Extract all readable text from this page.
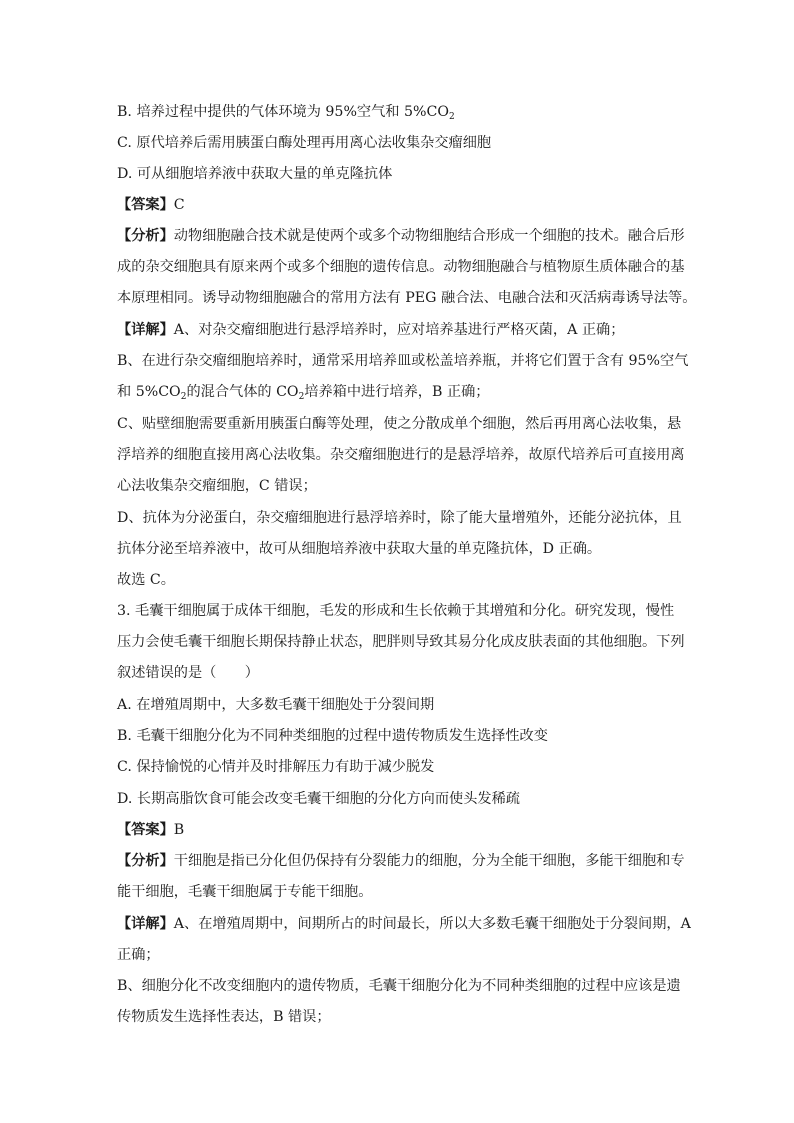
B. 培养过程中提供的气体环境为 95%空气和 $5\%CO_2$
C. 原代培养后需用胰蛋白酶处理再用离心法收集杂交瘤细胞
D. 可从细胞培养液中获取大量的单克隆抗体
【答案】C
【分析】动物细胞融合技术就是使两个或多个动物细胞结合形成一个细胞的技术。融合后形
成的杂交细胞具有原来两个或多个细胞的遗传信息。动物细胞融合与植物原生质体融合的基
本原理相同。诱导动物细胞融合的常用方法有 PEG 融合法、电融合法和灭活病毒诱导法等。
【详解】A、对杂交瘤细胞进行悬浮培养时，应对培养基进行严格灭菌，A 正确；
B、在进行杂交瘤细胞培养时，通常采用培养皿或松盖培养瓶，并将它们置于含有 95%空气
和 $5\%CO_2$的混合气体的 $CO_2$培养箱中进行培养，B 正确；
C、贴壁细胞需要重新用胰蛋白酶等处理，使之分散成单个细胞，然后再用离心法收集，悬
浮培养的细胞直接用离心法收集。杂交瘤细胞进行的是悬浮培养，故原代培养后可直接用离
心法收集杂交瘤细胞，C 错误；
D、抗体为分泌蛋白，杂交瘤细胞进行悬浮培养时，除了能大量增殖外，还能分泌抗体，且
抗体分泌至培养液中，故可从细胞培养液中获取大量的单克隆抗体，D 正确。
故选 C。
3. 毛囊干细胞属于成体干细胞，毛发的形成和生长依赖于其增殖和分化。研究发现，慢性
压力会使毛囊干细胞长期保持静止状态，肥胖则导致其易分化成皮肤表面的其他细胞。下列
叙述错误的是（　　）
A. 在增殖周期中，大多数毛囊干细胞处于分裂间期
B. 毛囊干细胞分化为不同种类细胞的过程中遗传物质发生选择性改变
C. 保持愉悦的心情并及时排解压力有助于减少脱发
D. 长期高脂饮食可能会改变毛囊干细胞的分化方向而使头发稀疏
【答案】B
【分析】干细胞是指已分化但仍保持有分裂能力的细胞，分为全能干细胞，多能干细胞和专
能干细胞，毛囊干细胞属于专能干细胞。
【详解】A、在增殖周期中，间期所占的时间最长，所以大多数毛囊干细胞处于分裂间期，A
正确；
B、细胞分化不改变细胞内的遗传物质，毛囊干细胞分化为不同种类细胞的过程中应该是遗
传物质发生选择性表达，B 错误；
